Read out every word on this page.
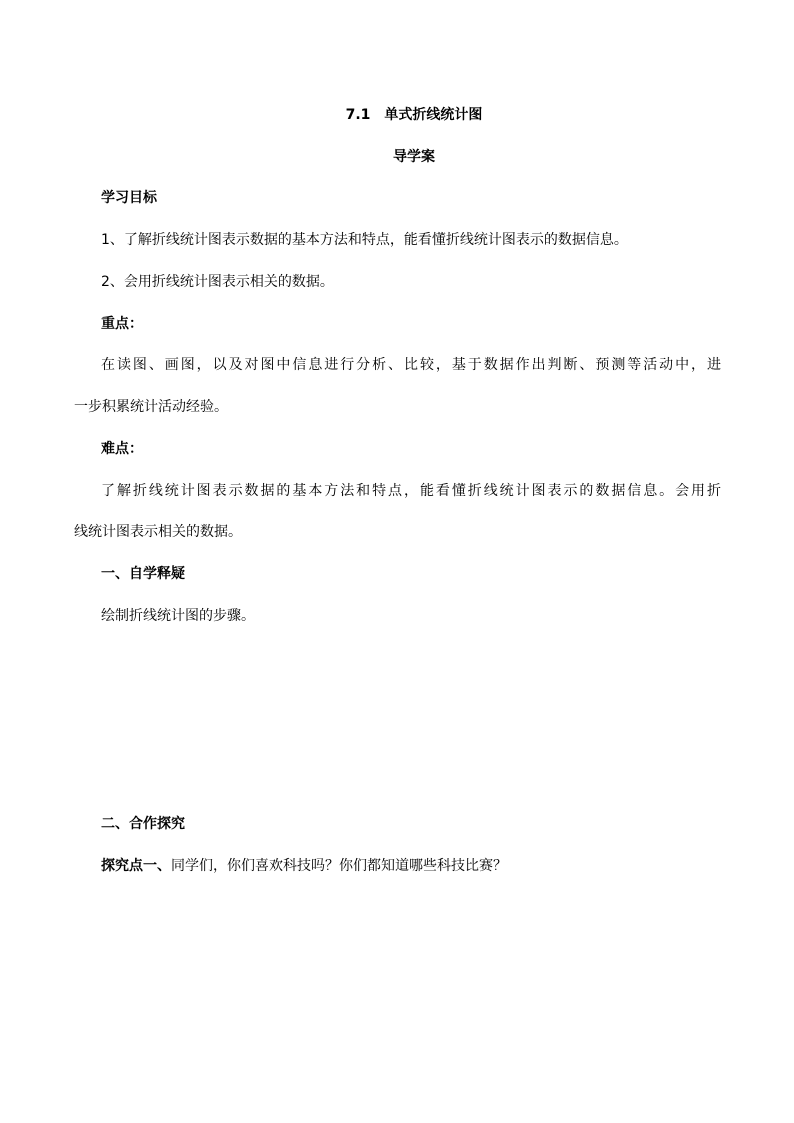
7.1　单式折线统计图
导学案
学习目标
1、了解折线统计图表示数据的基本方法和特点，能看懂折线统计图表示的数据信息。
2、会用折线统计图表示相关的数据。
重点：
在读图、画图，以及对图中信息进行分析、比较，基于数据作出判断、预测等活动中，进
一步积累统计活动经验。
难点：
了解折线统计图表示数据的基本方法和特点，能看懂折线统计图表示的数据信息。会用折
线统计图表示相关的数据。
一、自学释疑
绘制折线统计图的步骤。
二、合作探究
探究点一、同学们，你们喜欢科技吗？你们都知道哪些科技比赛？
